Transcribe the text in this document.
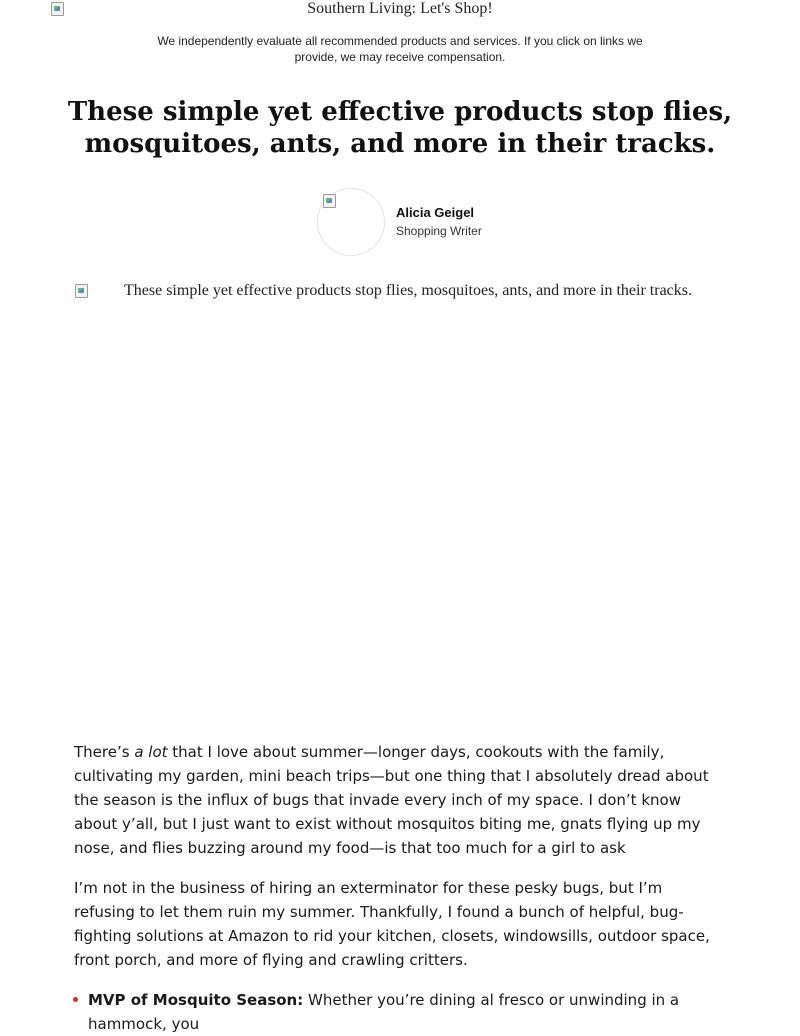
Southern Living: Let's Shop!
We independently evaluate all recommended products and services. If you click on links we provide, we may receive compensation.
These simple yet effective products stop flies, mosquitoes, ants, and more in their tracks.
Alicia Geigel
Shopping Writer
These simple yet effective products stop flies, mosquitoes, ants, and more in their tracks.

There’s a lot that I love about summer—longer days, cookouts with the family, cultivating my garden, mini beach trips—but one thing that I absolutely dread about the season is the influx of bugs that invade every inch of my space. I don’t know about y’all, but I just want to exist without mosquitos biting me, gnats flying up my nose, and flies buzzing around my food—is that too much for a girl to ask

I’m not in the business of hiring an exterminator for these pesky bugs, but I’m refusing to let them ruin my summer. Thankfully, I found a bunch of helpful, bug-fighting solutions at Amazon to rid your kitchen, closets, windowsills, outdoor space, front porch, and more of flying and crawling critters.

MVP of Mosquito Season: Whether you’re dining al fresco or unwinding in a hammock, you
